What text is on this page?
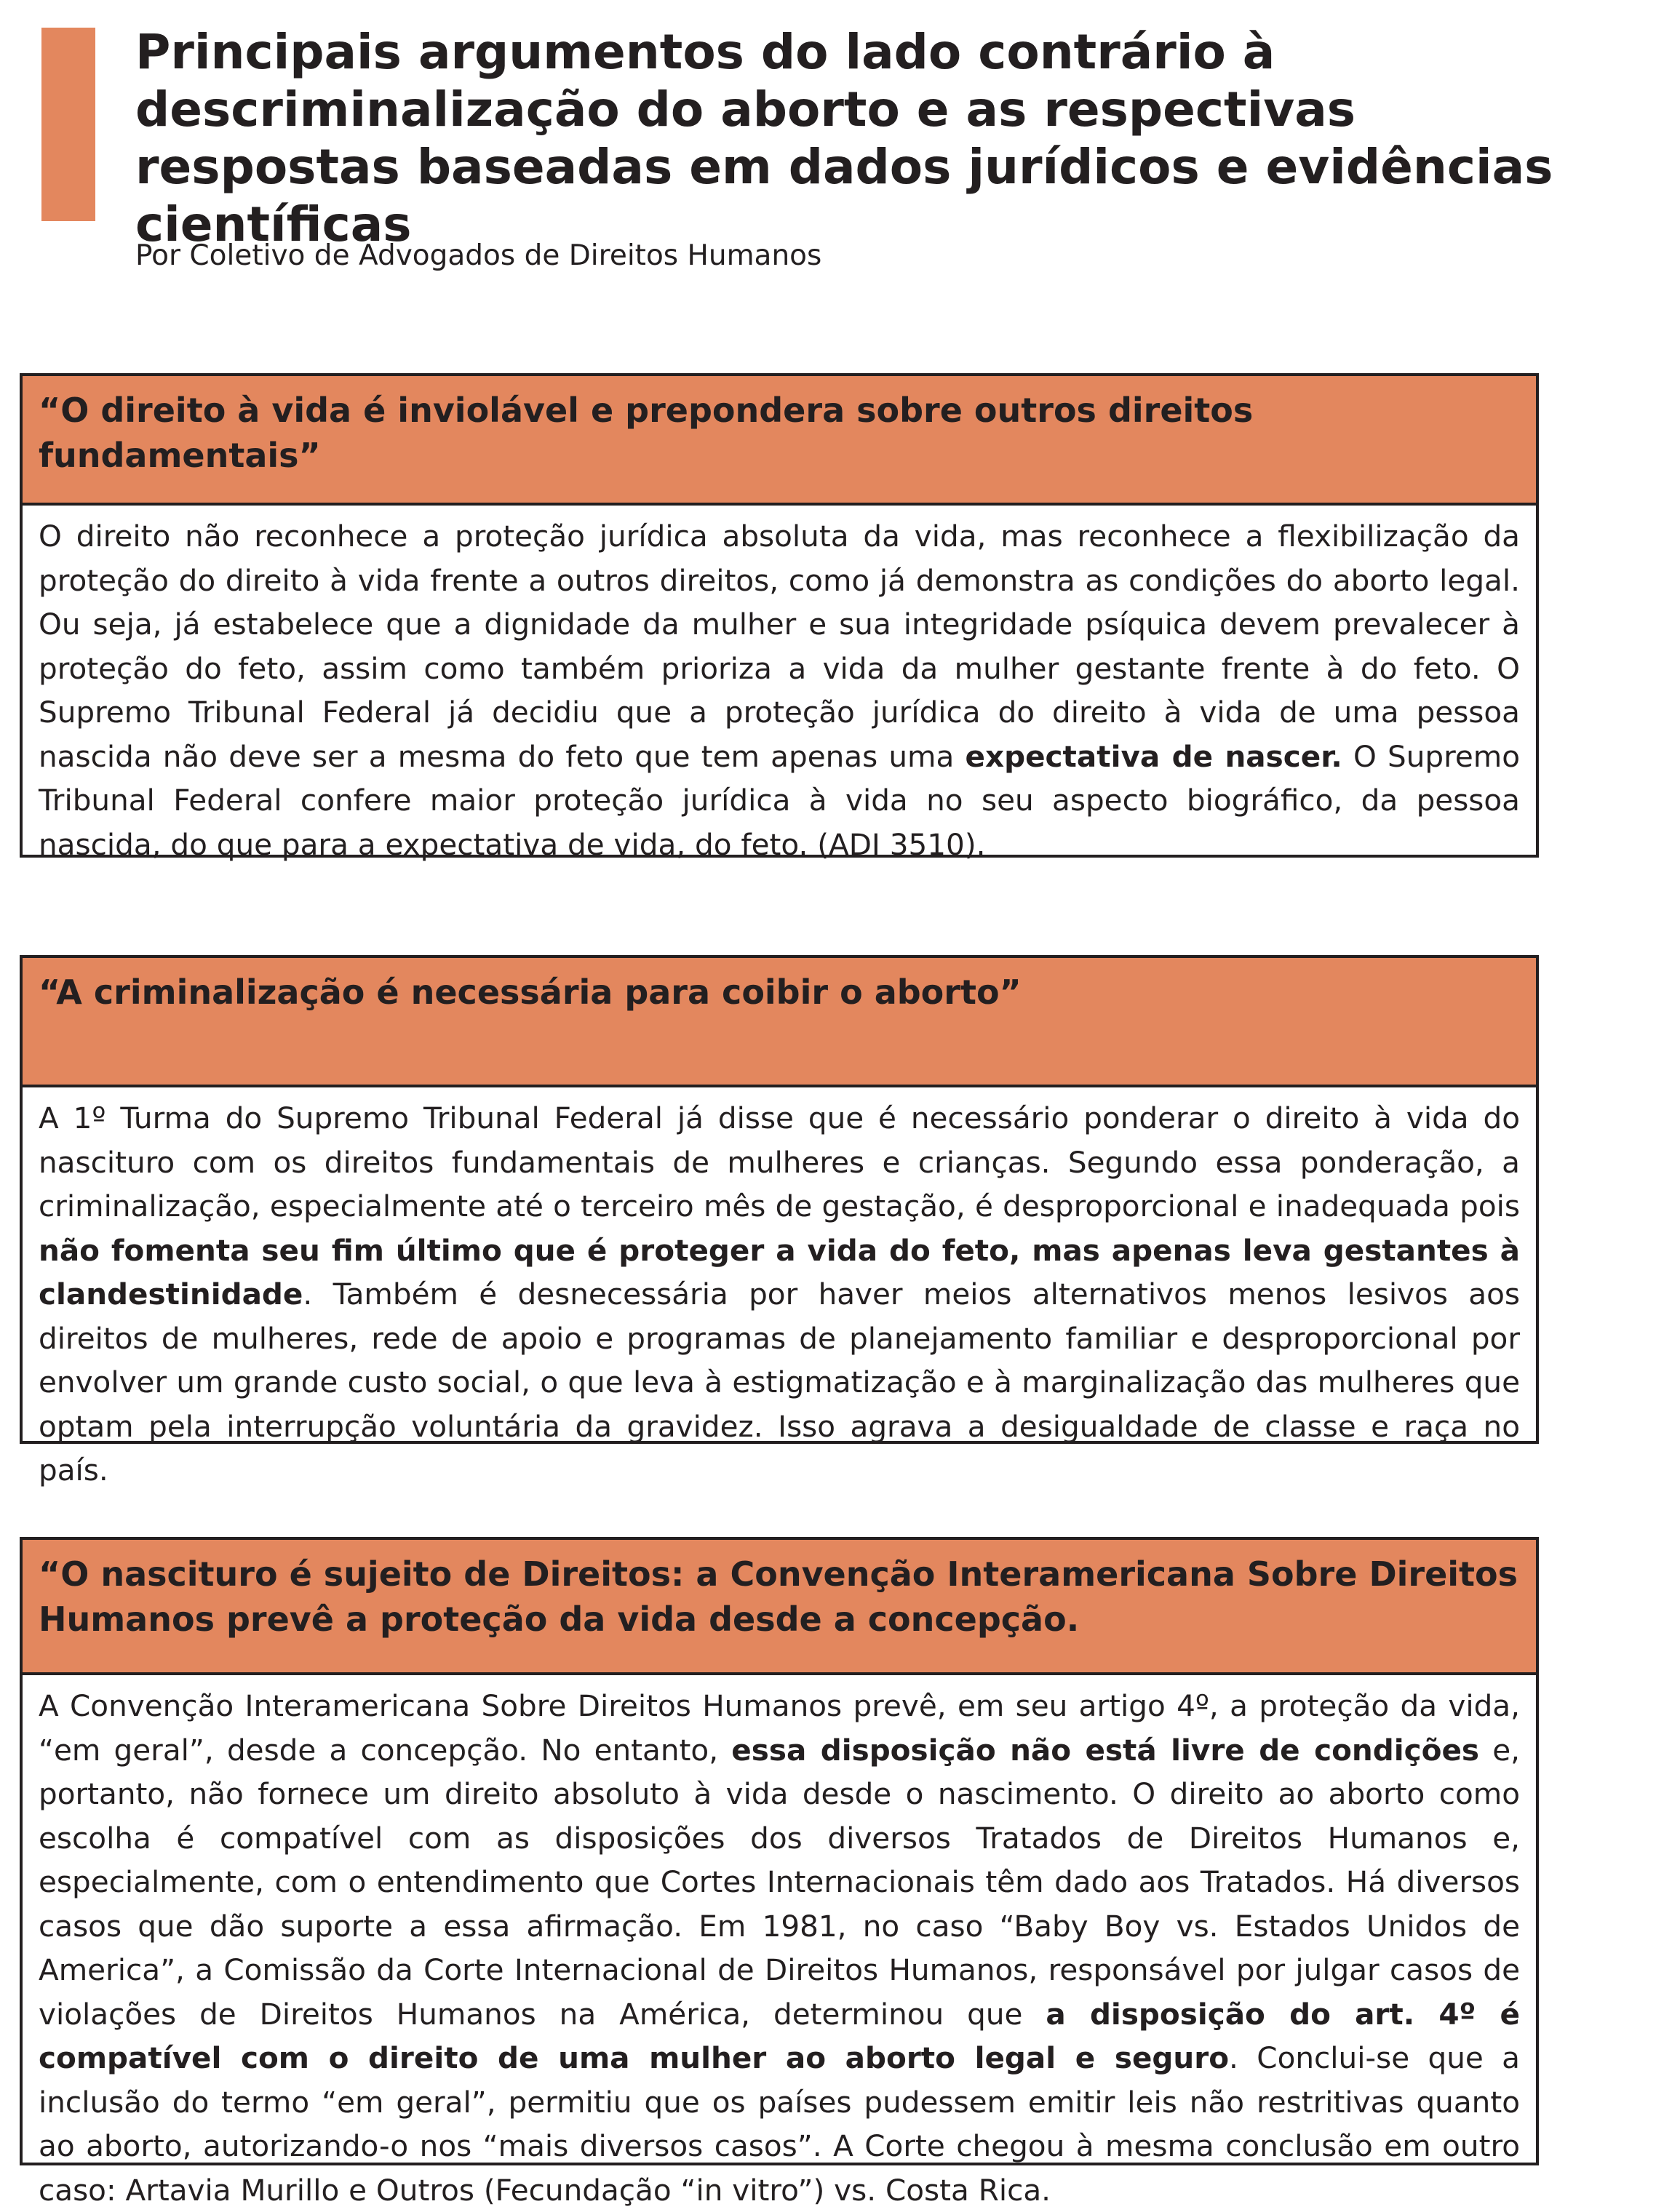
Principais argumentos do lado contrário à descriminalização do aborto e as respectivas respostas baseadas em dados jurídicos e evidências científicas
Por Coletivo de Advogados de Direitos Humanos
“O direito à vida é inviolável e prepondera sobre outros direitos fundamentais”
O direito não reconhece a proteção jurídica absoluta da vida, mas reconhece a flexibilização da proteção do direito à vida frente a outros direitos, como já demonstra as condições do aborto legal. Ou seja, já estabelece que a dignidade da mulher e sua integridade psíquica devem prevalecer à proteção do feto, assim como também prioriza a vida da mulher gestante frente à do feto. O Supremo Tribunal Federal já decidiu que a proteção jurídica do direito à vida de uma pessoa nascida não deve ser a mesma do feto que tem apenas uma expectativa de nascer. O Supremo Tribunal Federal confere maior proteção jurídica à vida no seu aspecto biográfico, da pessoa nascida, do que para a expectativa de vida, do feto. (ADI 3510).
“A criminalização é necessária para coibir o aborto”
A 1º Turma do Supremo Tribunal Federal já disse que é necessário ponderar o direito à vida do nascituro com os direitos fundamentais de mulheres e crianças. Segundo essa ponderação, a criminalização, especialmente até o terceiro mês de gestação, é desproporcional e inadequada pois não fomenta seu fim último que é proteger a vida do feto, mas apenas leva gestantes à clandestinidade. Também é desnecessária por haver meios alternativos menos lesivos aos direitos de mulheres, rede de apoio e programas de planejamento familiar e desproporcional por envolver um grande custo social, o que leva à estigmatização e à marginalização das mulheres que optam pela interrupção voluntária da gravidez. Isso agrava a desigualdade de classe e raça no país.
“O nascituro é sujeito de Direitos: a Convenção Interamericana Sobre Direitos Humanos prevê a proteção da vida desde a concepção.
A Convenção Interamericana Sobre Direitos Humanos prevê, em seu artigo 4º, a proteção da vida, “em geral”, desde a concepção. No entanto, essa disposição não está livre de condições e, portanto, não fornece um direito absoluto à vida desde o nascimento. O direito ao aborto como escolha é compatível com as disposições dos diversos Tratados de Direitos Humanos e, especialmente, com o entendimento que Cortes Internacionais têm dado aos Tratados. Há diversos casos que dão suporte a essa afirmação. Em 1981, no caso “Baby Boy vs. Estados Unidos de America”, a Comissão da Corte Internacional de Direitos Humanos, responsável por julgar casos de violações de Direitos Humanos na América, determinou que a disposição do art. 4º é compatível com o direito de uma mulher ao aborto legal e seguro. Conclui-se que a inclusão do termo “em geral”, permitiu que os países pudessem emitir leis não restritivas quanto ao aborto, autorizando-o nos “mais diversos casos”. A Corte chegou à mesma conclusão em outro caso: Artavia Murillo e Outros (Fecundação “in vitro”) vs. Costa Rica.
